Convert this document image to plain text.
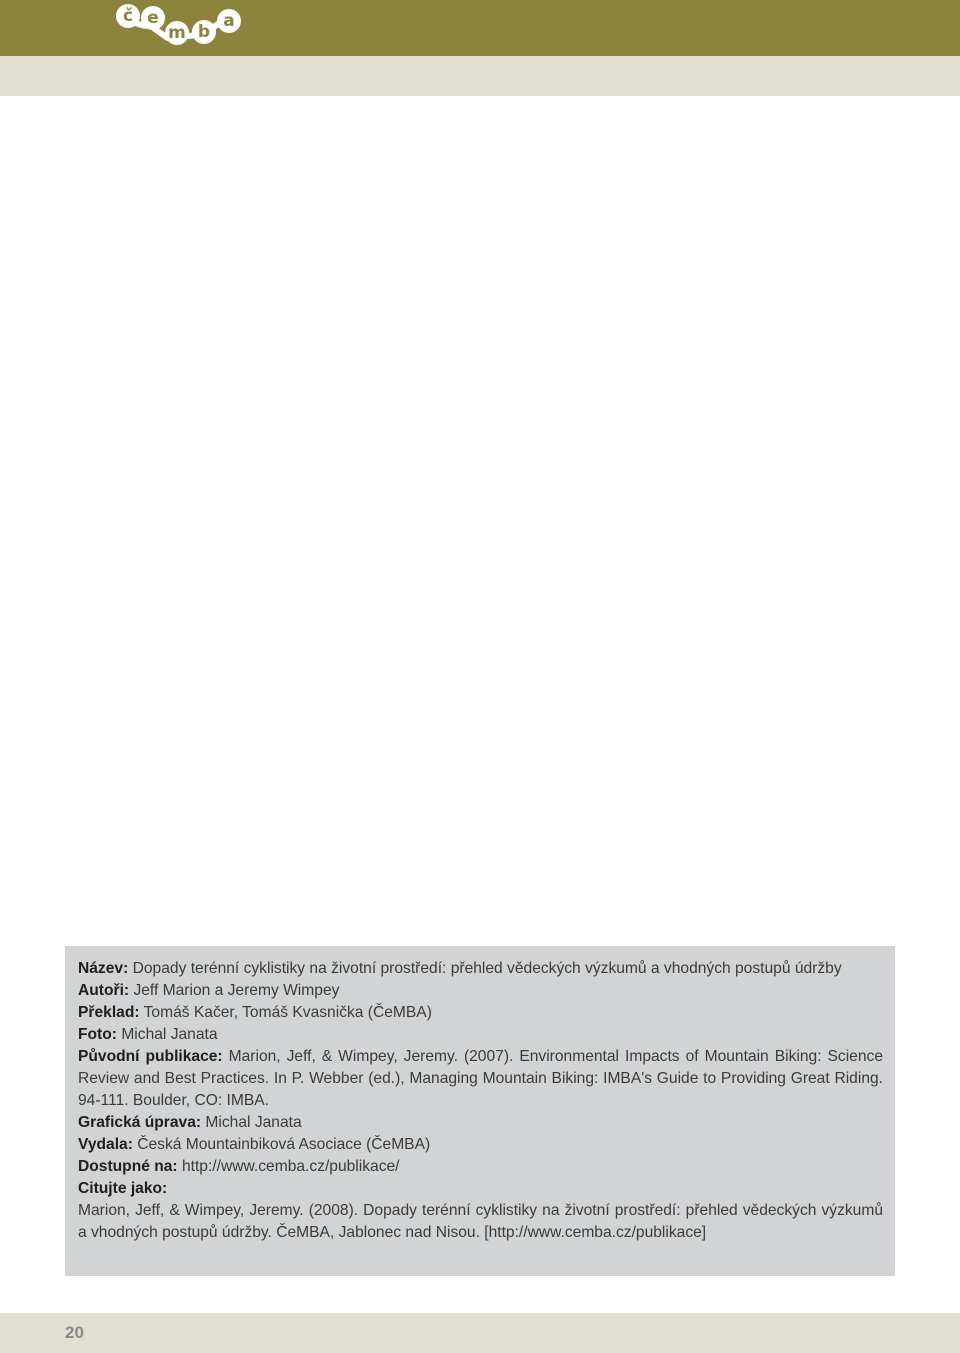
č e
m b
a

Název: Dopady terénní cyklistiky na životní prostředí: přehled vědeckých výzkumů a vhodných postupů údržby

Autoři: Jeff Marion a Jeremy Wimpey

Překlad: Tomáš Kačer, Tomáš Kvasnička (ČeMBA)

Foto: Michal Janata

Původní publikace: Marion, Jeff, & Wimpey, Jeremy. (2007). Environmental Impacts of Mountain Biking: Science Review and Best Practices. In P. Webber (ed.), Managing Mountain Biking: IMBA's Guide to Providing Great Riding. 94-111. Boulder, CO: IMBA.

Grafická úprava: Michal Janata

Vydala: Česká Mountainbiková Asociace (ČeMBA)

Dostupné na: http://www.cemba.cz/publikace/

Citujte jako:

Marion, Jeff, & Wimpey, Jeremy. (2008). Dopady terénní cyklistiky na životní prostředí: přehled vědeckých výzkumů a vhodných postupů údržby. ČeMBA, Jablonec nad Nisou. [http://www.cemba.cz/publikace]

20
